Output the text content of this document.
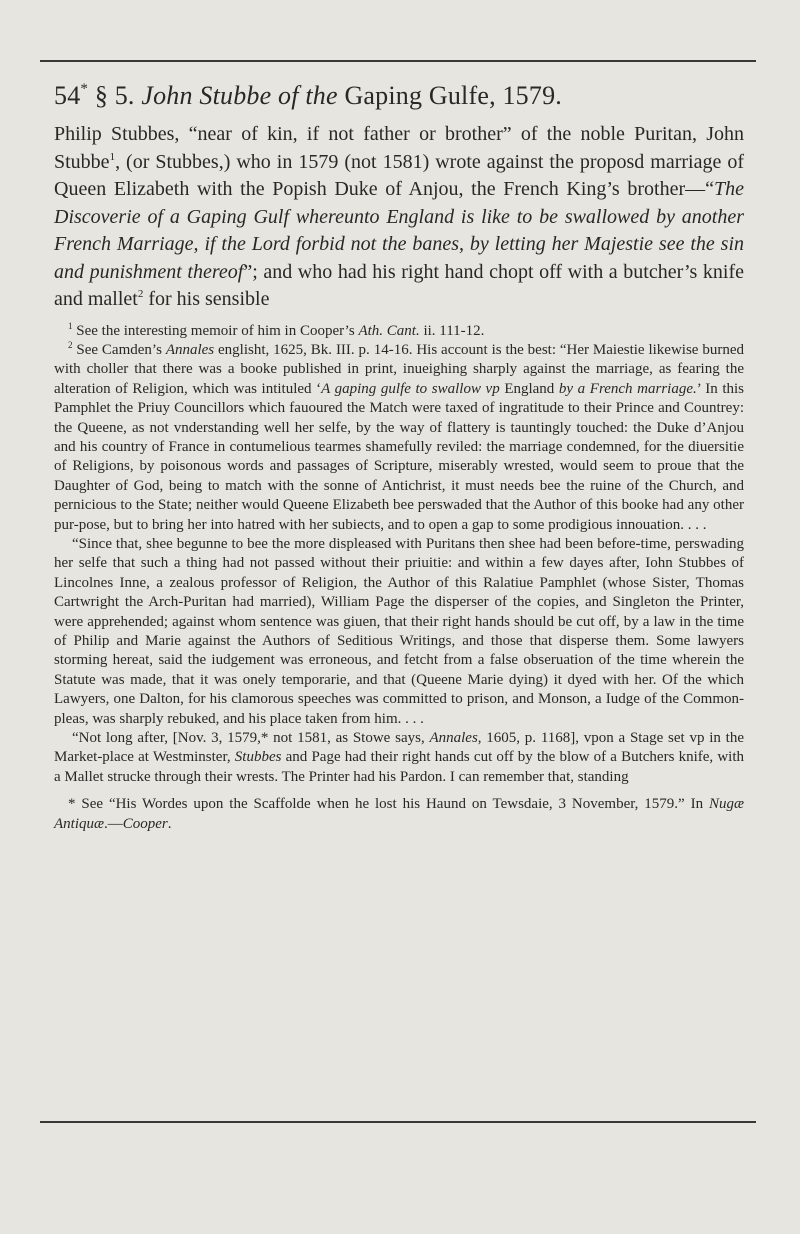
54* § 5. John Stubbe of the Gaping Gulfe, 1579.

Philip Stubbes, “near of kin, if not father or brother” of the noble Puritan, John Stubbe$^1$, (or Stubbes,) who in 1579 (not 1581) wrote against the proposd marriage of Queen Elizabeth with the Popish Duke of Anjou, the French King’s brother—“The Discoverie of a Gaping Gulf whereunto England is like to be swallowed by another French Marriage, if the Lord forbid not the banes, by letting her Majestie see the sin and punishment thereof”; and who had his right hand chopt off with a butcher’s knife and mallet$^2$ for his sensible

$^1$ See the interesting memoir of him in Cooper’s Ath. Cant. ii. 111-12.

$^2$ See Camden’s Annales englisht, 1625, Bk. III. p. 14-16. His account is the best: “Her Maiestie likewise burned with choller that there was a booke published in print, inueighing sharply against the marriage, as fearing the alteration of Religion, which was intituled ‘A gaping gulfe to swallow vp England by a French marriage.’ In this Pamphlet the Priuy Councillors which fauoured the Match were taxed of ingratitude to their Prince and Countrey: the Queene, as not vnderstanding well her selfe, by the way of flattery is tauntingly touched: the Duke d’Anjou and his country of France in contumelious tearmes shamefully reviled: the marriage condemned, for the diuersitie of Religions, by poisonous words and passages of Scripture, miserably wrested, would seem to proue that the Daughter of God, being to match with the sonne of Antichrist, it must needs bee the ruine of the Church, and pernicious to the State; neither would Queene Elizabeth bee perswaded that the Author of this booke had any other pur-pose, but to bring her into hatred with her subiects, and to open a gap to some prodigious innouation. . . .

“Since that, shee begunne to bee the more displeased with Puritans then shee had been before-time, perswading her selfe that such a thing had not passed without their priuitie: and within a few dayes after, Iohn Stubbes of Lincolnes Inne, a zealous professor of Religion, the Author of this Ralatiue Pamphlet (whose Sister, Thomas Cartwright the Arch-Puritan had married), William Page the disperser of the copies, and Singleton the Printer, were apprehended; against whom sentence was giuen, that their right hands should be cut off, by a law in the time of Philip and Marie against the Authors of Seditious Writings, and those that disperse them. Some lawyers storming hereat, said the iudgement was erroneous, and fetcht from a false obseruation of the time wherein the Statute was made, that it was onely temporarie, and that (Queene Marie dying) it dyed with her. Of the which Lawyers, one Dalton, for his clamorous speeches was committed to prison, and Monson, a Iudge of the Common-pleas, was sharply rebuked, and his place taken from him. . . .

“Not long after, [Nov. 3, 1579,* not 1581, as Stowe says, Annales, 1605, p. 1168], vpon a Stage set vp in the Market-place at Westminster, Stubbes and Page had their right hands cut off by the blow of a Butchers knife, with a Mallet strucke through their wrests. The Printer had his Pardon. I can remember that, standing

* See “His Wordes upon the Scaffolde when he lost his Haund on Tewsdaie, 3 November, 1579.” In Nugæ Antiquæ.—Cooper.
